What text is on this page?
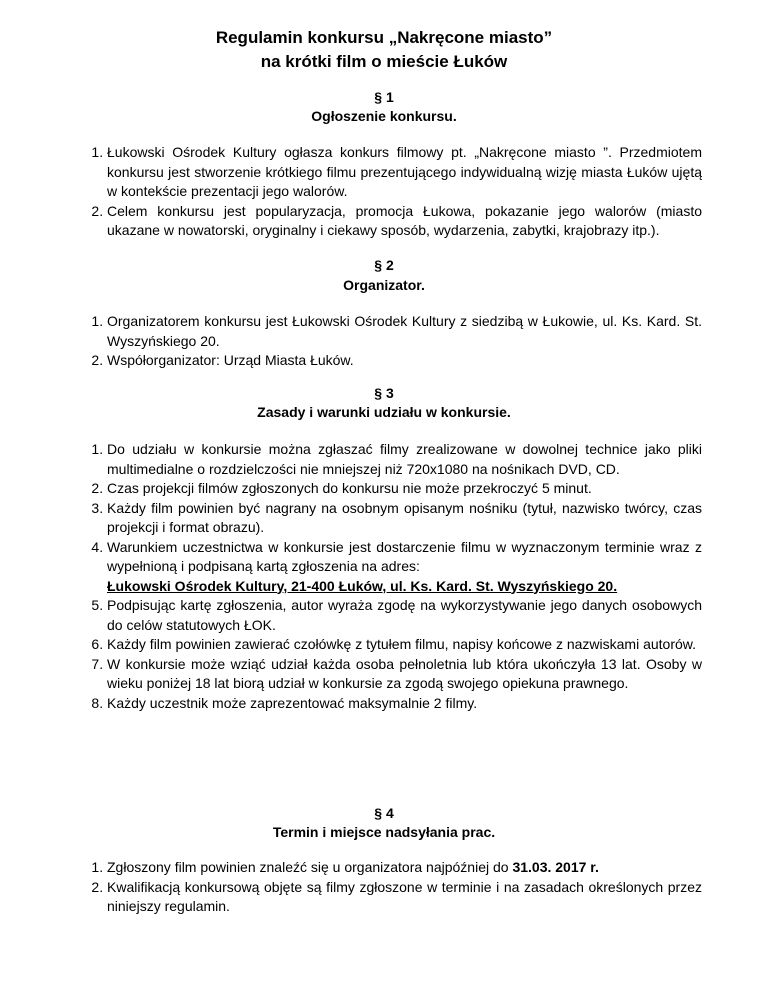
Regulamin konkursu „Nakręcone miasto”

na krótki film o mieście Łuków

§ 1
Ogłoszenie konkursu.
1. Łukowski Ośrodek Kultury ogłasza konkurs filmowy pt. „Nakręcone miasto ”. Przedmiotem konkursu jest stworzenie krótkiego filmu prezentującego indywidualną wizję miasta Łuków ujętą w kontekście prezentacji jego walorów.
2. Celem konkursu jest popularyzacja, promocja Łukowa, pokazanie jego walorów (miasto ukazane w nowatorski, oryginalny i ciekawy sposób, wydarzenia, zabytki, krajobrazy itp.).
§ 2
Organizator.
1. Organizatorem konkursu jest Łukowski Ośrodek Kultury z siedzibą w Łukowie, ul. Ks. Kard. St. Wyszyńskiego 20.
2. Współorganizator: Urząd Miasta Łuków.
§ 3
Zasady i warunki udziału w konkursie.
1. Do udziału w konkursie można zgłaszać filmy zrealizowane w dowolnej technice jako pliki multimedialne o rozdzielczości nie mniejszej niż 720x1080 na nośnikach DVD, CD.
2. Czas projekcji filmów zgłoszonych do konkursu nie może przekroczyć 5 minut.
3. Każdy film powinien być nagrany na osobnym opisanym nośniku (tytuł, nazwisko twórcy, czas projekcji i format obrazu).
4. Warunkiem uczestnictwa w konkursie jest dostarczenie filmu w wyznaczonym terminie wraz z wypełnioną i podpisaną kartą zgłoszenia na adres:
Łukowski Ośrodek Kultury, 21-400 Łuków, ul. Ks. Kard. St. Wyszyńskiego 20.
5. Podpisując kartę zgłoszenia, autor wyraża zgodę na wykorzystywanie jego danych osobowych do celów statutowych ŁOK.
6. Każdy film powinien zawierać czołówkę z tytułem filmu, napisy końcowe z nazwiskami autorów.
7. W konkursie może wziąć udział każda osoba pełnoletnia lub która ukończyła 13 lat. Osoby w wieku poniżej 18 lat biorą udział w konkursie za zgodą swojego opiekuna prawnego.
8. Każdy uczestnik może zaprezentować maksymalnie 2 filmy.
§ 4
Termin i miejsce nadsyłania prac.
1. Zgłoszony film powinien znaleźć się u organizatora najpóźniej do 31.03. 2017 r.
2. Kwalifikacją konkursową objęte są filmy zgłoszone w terminie i na zasadach określonych przez niniejszy regulamin.
